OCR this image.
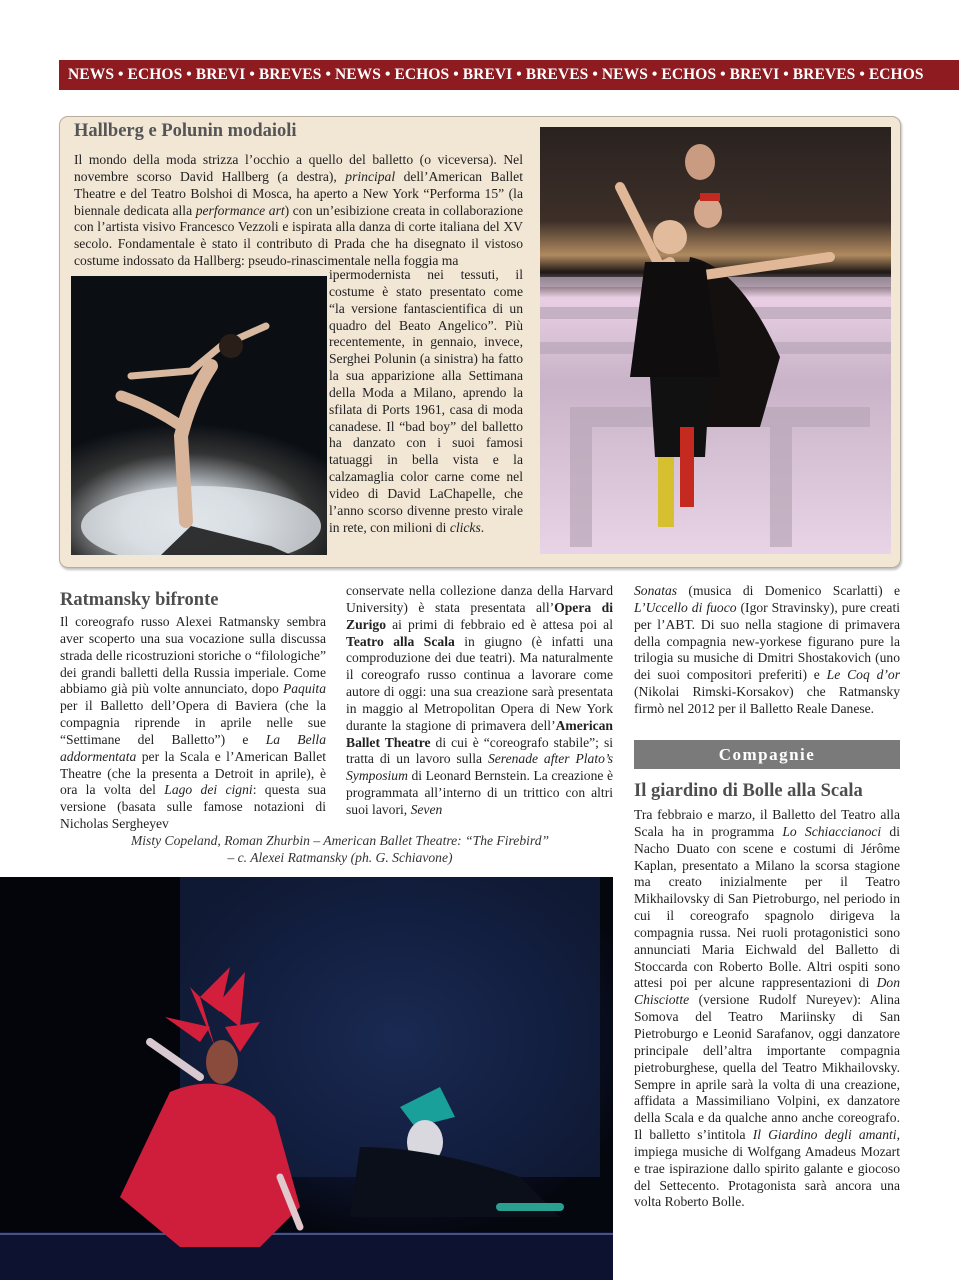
NEWS • ECHOS • BREVI • BREVES • NEWS • ECHOS • BREVI • BREVES • NEWS • ECHOS • BREVI • BREVES • ECHOS
Hallberg e Polunin modaioli
Il mondo della moda strizza l’occhio a quello del balletto (o viceversa). Nel novembre scorso David Hallberg (a destra), principal dell’American Ballet Theatre e del Teatro Bolshoi di Mosca, ha aperto a New York “Performa 15” (la biennale dedicata alla performance art) con un’esibizione creata in collaborazione con l’artista visivo Francesco Vezzoli e ispirata alla danza di corte italiana del XV secolo. Fondamentale è stato il contributo di Prada che ha disegnato il vistoso costume indossato da Hallberg: pseudo-rinascimentale nella foggia ma
ipermodernista nei tessuti, il costume è stato presentato come “la versione fantascientifica di un quadro del Beato Angelico”. Più recentemente, in gennaio, invece, Serghei Polunin (a sinistra) ha fatto la sua apparizione alla Settimana della Moda a Milano, aprendo la sfilata di Ports 1961, casa di moda canadese. Il “bad boy” del balletto ha danzato con i suoi famosi tatuaggi in bella vista e la calzamaglia color carne come nel video di David LaChapelle, che l’anno scorso divenne presto virale in rete, con milioni di clicks.
Ratmansky bifronte
Il coreografo russo Alexei Ratmansky sembra aver scoperto una sua vocazione sulla discussa strada delle ricostruzioni storiche o “filologiche” dei grandi balletti della Russia imperiale. Come abbiamo già più volte annunciato, dopo Paquita per il Balletto dell’Opera di Baviera (che la compagnia riprende in aprile nelle sue “Settimane del Balletto”) e La Bella addormentata per la Scala e l’American Ballet Theatre (che la presenta a Detroit in aprile), è ora la volta del Lago dei cigni: questa sua versione (basata sulle famose notazioni di Nicholas Sergheyev
conservate nella collezione danza della Harvard University) è stata presentata all’Opera di Zurigo ai primi di febbraio ed è attesa poi al Teatro alla Scala in giugno (è infatti una comproduzione dei due teatri). Ma naturalmente il coreografo russo continua a lavorare come autore di oggi: una sua creazione sarà presentata in maggio al Metropolitan Opera di New York durante la stagione di primavera dell’American Ballet Theatre di cui è “coreografo stabile”; si tratta di un lavoro sulla Serenade after Plato’s Symposium di Leonard Bernstein. La creazione è programmata all’interno di un trittico con altri suoi lavori, Seven
Sonatas (musica di Domenico Scarlatti) e L’Uccello di fuoco (Igor Stravinsky), pure creati per l’ABT. Di suo nella stagione di primavera della compagnia new-yorkese figurano pure la trilogia su musiche di Dmitri Shostakovich (uno dei suoi compositori preferiti) e Le Coq d’or (Nikolai Rimski-Korsakov) che Ratmansky firmò nel 2012 per il Balletto Reale Danese.
Compagnie
Il giardino di Bolle alla Scala
Tra febbraio e marzo, il Balletto del Teatro alla Scala ha in programma Lo Schiaccianoci di Nacho Duato con scene e costumi di Jérôme Kaplan, presentato a Milano la scorsa stagione ma creato inizialmente per il Teatro Mikhailovsky di San Pietroburgo, nel periodo in cui il coreografo spagnolo dirigeva la compagnia russa. Nei ruoli protagonistici sono annunciati Maria Eichwald del Balletto di Stoccarda con Roberto Bolle. Altri ospiti sono attesi poi per alcune rappresentazioni di Don Chisciotte (versione Rudolf Nureyev): Alina Somova del Teatro Mariinsky di San Pietroburgo e Leonid Sarafanov, oggi danzatore principale dell’altra importante compagnia pietroburghese, quella del Teatro Mikhailovsky. Sempre in aprile sarà la volta di una creazione, affidata a Massimiliano Volpini, ex danzatore della Scala e da qualche anno anche coreografo. Il balletto s’intitola Il Giardino degli amanti, impiega musiche di Wolfgang Amadeus Mozart e trae ispirazione dallo spirito galante e giocoso del Settecento. Protagonista sarà ancora una volta Roberto Bolle.
Misty Copeland, Roman Zhurbin – American Ballet Theatre: “The Firebird”
– c. Alexei Ratmansky (ph. G. Schiavone)
